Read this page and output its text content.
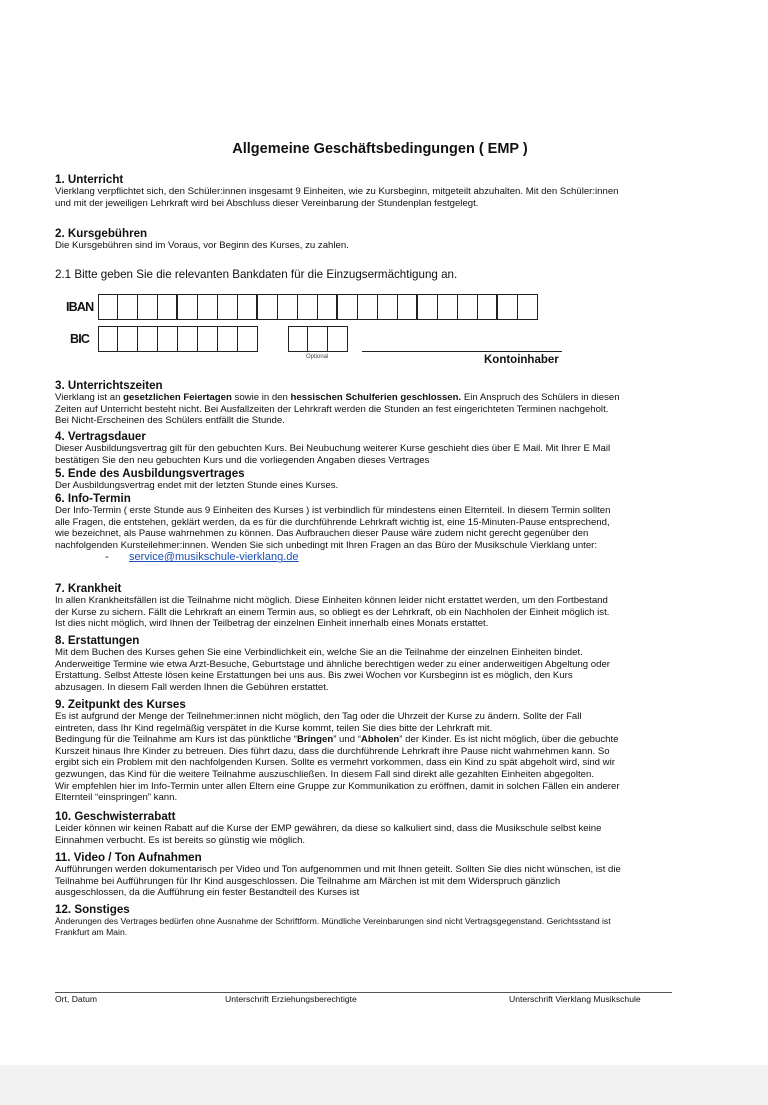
Allgemeine Geschäftsbedingungen ( EMP )

1. Unterricht

Vierklang verpflichtet sich, den Schüler:innen insgesamt 9 Einheiten, wie zu Kursbeginn, mitgeteilt abzuhalten. Mit den Schüler:innen

und mit der jeweiligen Lehrkraft wird bei Abschluss dieser Vereinbarung der Stundenplan festgelegt.

2. Kursgebühren

Die Kursgebühren sind im Voraus, vor Beginn des Kurses, zu zahlen.

2.1 Bitte geben Sie die relevanten Bankdaten für die Einzugsermächtigung an.
IBAN
BIC
Optional	Kontoinhaber

3. Unterrichtszeiten

Vierklang ist an gesetzlichen Feiertagen sowie in den hessischen Schulferien geschlossen. Ein Anspruch des Schülers in diesen

Zeiten auf Unterricht besteht nicht. Bei Ausfallzeiten der Lehrkraft werden die Stunden an fest eingerichteten Terminen nachgeholt.

Bei Nicht-Erscheinen des Schülers entfällt die Stunde.

4. Vertragsdauer

Dieser Ausbildungsvertrag gilt für den gebuchten Kurs. Bei Neubuchung weiterer Kurse geschieht dies über E Mail. Mit Ihrer E Mail

bestätigen Sie den neu gebuchten Kurs und die vorliegenden Angaben dieses Vertrages

5. Ende des Ausbildungsvertrages

Der Ausbildungsvertrag endet mit der letzten Stunde eines Kurses.

6. Info-Termin

Der Info-Termin ( erste Stunde aus 9 Einheiten des Kurses ) ist verbindlich für mindestens einen Elternteil. In diesem Termin sollten

alle Fragen, die entstehen, geklärt werden, da es für die durchführende Lehrkraft wichtig ist, eine 15-Minuten-Pause entsprechend,

wie bezeichnet, als Pause wahrnehmen zu können. Das Aufbrauchen dieser Pause wäre zudem nicht gerecht gegenüber den

nachfolgenden Kursteilehmer:innen. Wenden Sie sich unbedingt mit Ihren Fragen an das Büro der Musikschule Vierklang unter:

- service@musikschule-vierklang.de

7. Krankheit

In allen Krankheitsfällen ist die Teilnahme nicht möglich. Diese Einheiten können leider nicht erstattet werden, um den Fortbestand

der Kurse zu sichern. Fällt die Lehrkraft an einem Termin aus, so obliegt es der Lehrkraft, ob ein Nachholen der Einheit möglich ist.

Ist dies nicht möglich, wird Ihnen der Teilbetrag der einzelnen Einheit innerhalb eines Monats erstattet.

8. Erstattungen

Mit dem Buchen des Kurses gehen Sie eine Verbindlichkeit ein, welche Sie an die Teilnahme der einzelnen Einheiten bindet.

Anderweitige Termine wie etwa Arzt-Besuche, Geburtstage und ähnliche berechtigen weder zu einer anderweitigen Abgeltung oder

Erstattung. Selbst Atteste lösen keine Erstattungen bei uns aus. Bis zwei Wochen vor Kursbeginn ist es möglich, den Kurs

abzusagen. In diesem Fall werden Ihnen die Gebühren erstattet.

9. Zeitpunkt des Kurses

Es ist aufgrund der Menge der Teilnehmer:innen nicht möglich, den Tag oder die Uhrzeit der Kurse zu ändern. Sollte der Fall

eintreten, dass Ihr Kind regelmäßig verspätet in die Kurse kommt, teilen Sie dies bitte der Lehrkraft mit.

Bedingung für die Teilnahme am Kurs ist das pünktliche “Bringen” und “Abholen” der Kinder. Es ist nicht möglich, über die gebuchte

Kurszeit hinaus Ihre Kinder zu betreuen. Dies führt dazu, dass die durchführende Lehrkraft ihre Pause nicht wahrnehmen kann. So

ergibt sich ein Problem mit den nachfolgenden Kursen. Sollte es vermehrt vorkommen, dass ein Kind zu spät abgeholt wird, sind wir

gezwungen, das Kind für die weitere Teilnahme auszuschließen. In diesem Fall sind direkt alle gezahlten Einheiten abgegolten.

Wir empfehlen hier im Info-Termin unter allen Eltern eine Gruppe zur Kommunikation zu eröffnen, damit in solchen Fällen ein anderer

Elternteil “einspringen” kann.

10. Geschwisterrabatt

Leider können wir keinen Rabatt auf die Kurse der EMP gewähren, da diese so kalkuliert sind, dass die Musikschule selbst keine

Einnahmen verbucht. Es ist bereits so günstig wie möglich.

11. Video / Ton Aufnahmen

Aufführungen werden dokumentarisch per Video und Ton aufgenommen und mit Ihnen geteilt. Sollten Sie dies nicht wünschen, ist die

Teilnahme bei Aufführungen für Ihr Kind ausgeschlossen. Die Teilnahme am Märchen ist mit dem Widerspruch gänzlich

ausgeschlossen, da die Aufführung ein fester Bestandteil des Kurses ist

12. Sonstiges

Änderungen des Vertrages bedürfen ohne Ausnahme der Schriftform. Mündliche Vereinbarungen sind nicht Vertragsgegenstand. Gerichtsstand ist

Frankfurt am Main.

Ort, Datum	Unterschrift Erziehungsberechtigte	Unterschrift Vierklang Musikschule
